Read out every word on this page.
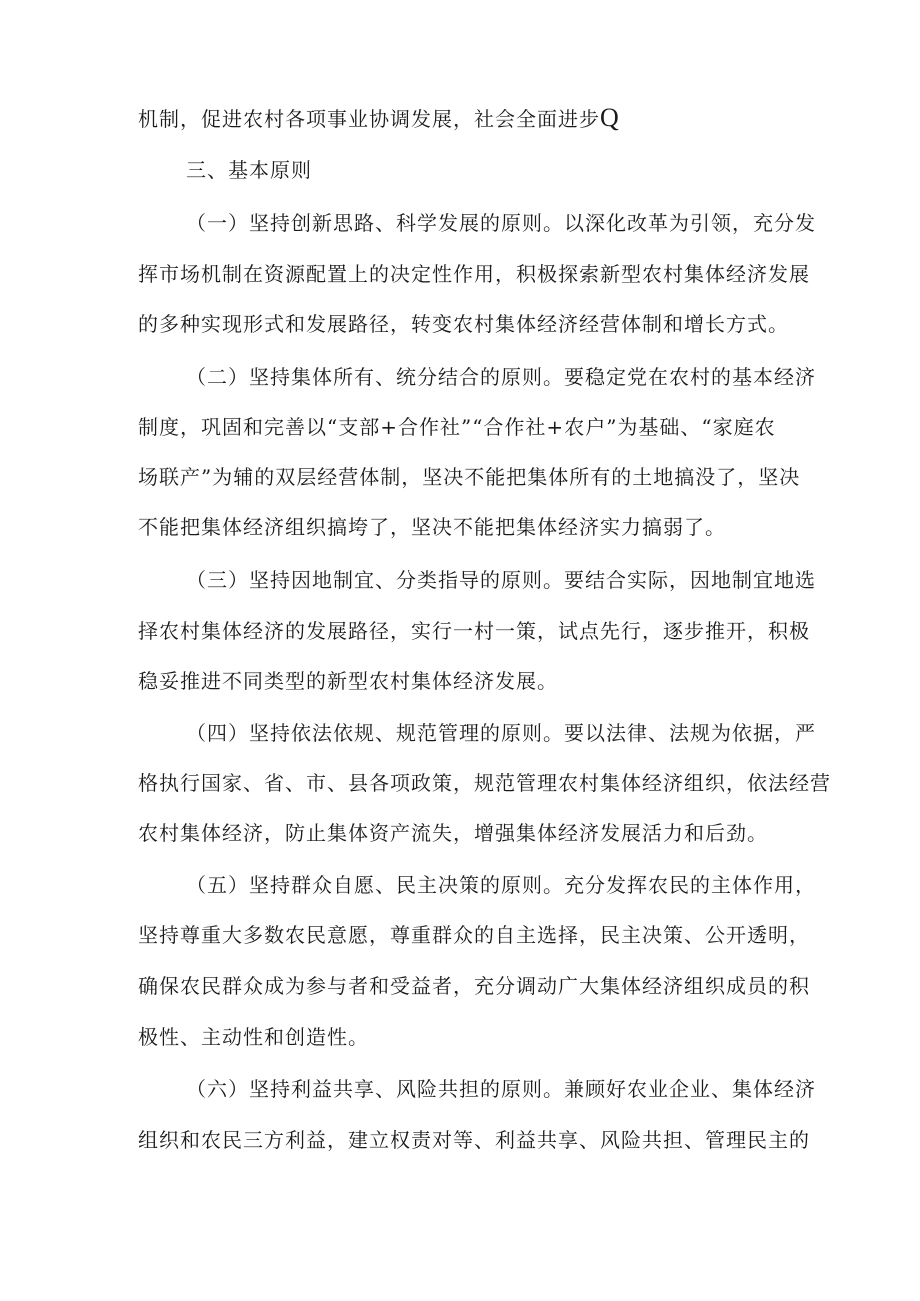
机制，促进农村各项事业协调发展，社会全面进步Q
三、基本原则
（一）坚持创新思路、科学发展的原则。以深化改革为引领，充分发
挥市场机制在资源配置上的决定性作用，积极探索新型农村集体经济发展
的多种实现形式和发展路径，转变农村集体经济经营体制和增长方式。
（二）坚持集体所有、统分结合的原则。要稳定党在农村的基本经济
制度，巩固和完善以“支部+合作社”“合作社+农户”为基础、“家庭农
场联产”为辅的双层经营体制，坚决不能把集体所有的土地搞没了，坚决
不能把集体经济组织搞垮了，坚决不能把集体经济实力搞弱了。
（三）坚持因地制宜、分类指导的原则。要结合实际，因地制宜地选
择农村集体经济的发展路径，实行一村一策，试点先行，逐步推开，积极
稳妥推进不同类型的新型农村集体经济发展。
（四）坚持依法依规、规范管理的原则。要以法律、法规为依据，严
格执行国家、省、市、县各项政策，规范管理农村集体经济组织，依法经营
农村集体经济，防止集体资产流失，增强集体经济发展活力和后劲。
（五）坚持群众自愿、民主决策的原则。充分发挥农民的主体作用，
坚持尊重大多数农民意愿，尊重群众的自主选择，民主决策、公开透明，
确保农民群众成为参与者和受益者，充分调动广大集体经济组织成员的积
极性、主动性和创造性。
（六）坚持利益共享、风险共担的原则。兼顾好农业企业、集体经济
组织和农民三方利益，建立权责对等、利益共享、风险共担、管理民主的
